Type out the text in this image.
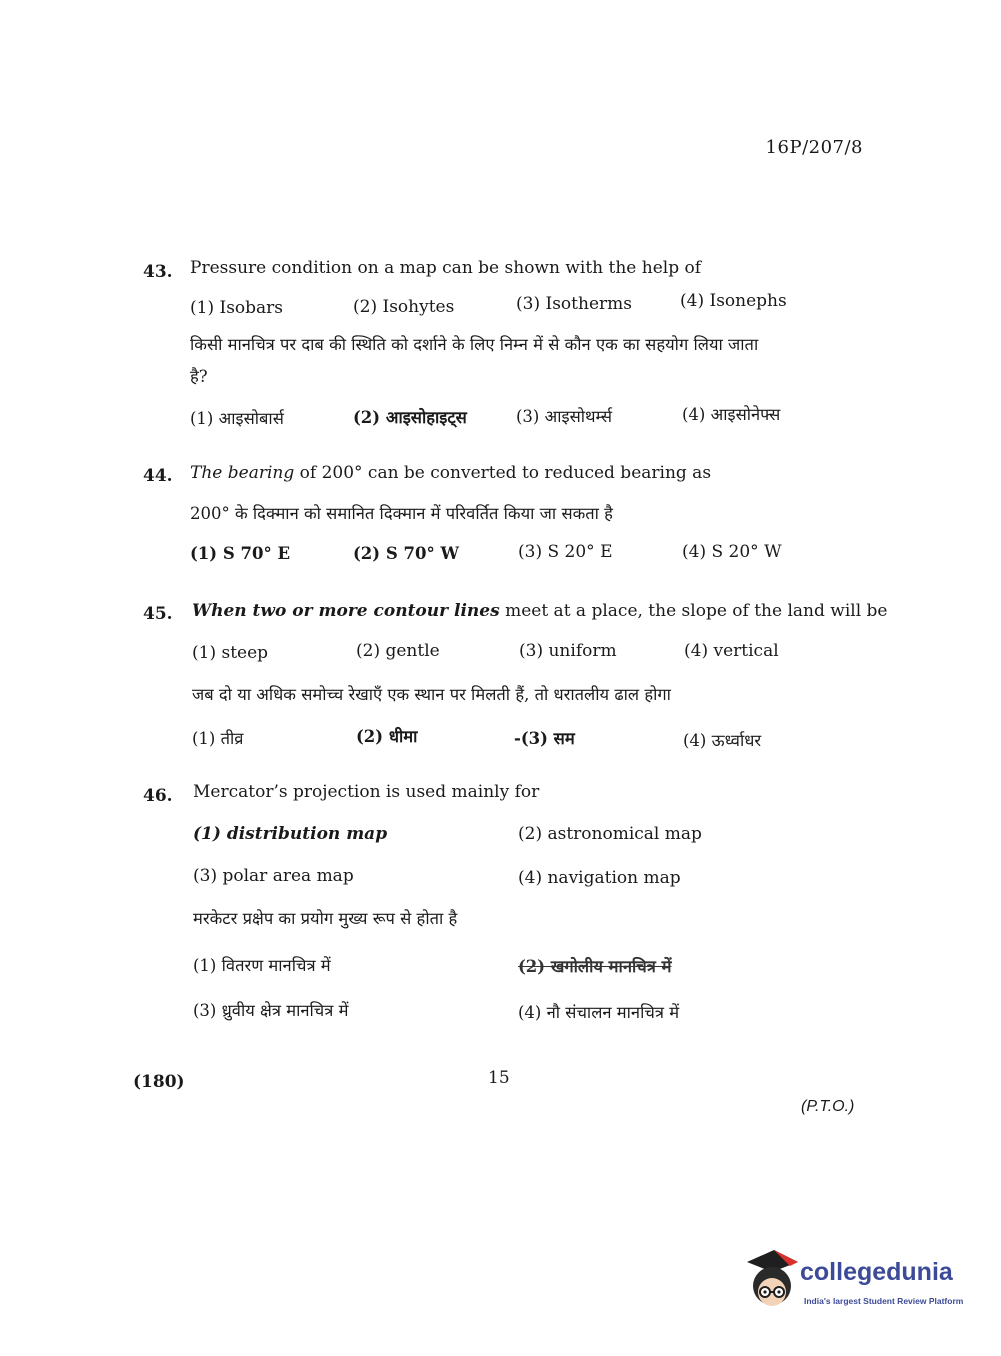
16P/207/8
43. Pressure condition on a map can be shown with the help of
(1) Isobars	(2) Isohytes	(3) Isotherms	(4) Isonephs
किसी मानचित्र पर दाब की स्थिति को दर्शाने के लिए निम्न में से कौन एक का सहयोग लिया जाता
है?
(1) आइसोबार्स	(2) आइसोहाइट्स	(3) आइसोथर्म्स	(4) आइसोनेफ्स
44. The bearing of 200° can be converted to reduced bearing as
200° के दिक्मान को समानित दिक्मान में परिवर्तित किया जा सकता है
(1) S 70° E	(2) S 70° W	(3) S 20° E	(4) S 20° W
45. When two or more contour lines meet at a place, the slope of the land will be
(1) steep	(2) gentle	(3) uniform	(4) vertical
जब दो या अधिक समोच्च रेखाएँ एक स्थान पर मिलती हैं, तो धरातलीय ढाल होगा
(1) तीव्र	(2) धीमा	-(3) सम	(4) ऊर्ध्वाधर
46. Mercator’s projection is used mainly for
(1) distribution map	(2) astronomical map
(3) polar area map	(4) navigation map
मरकेटर प्रक्षेप का प्रयोग मुख्य रूप से होता है
(1) वितरण मानचित्र में	(2) खगोलीय मानचित्र में
(3) ध्रुवीय क्षेत्र मानचित्र में	(4) नौ संचालन मानचित्र में
(180)	15
(P.T.O.)
collegedunia
India's largest Student Review Platform
